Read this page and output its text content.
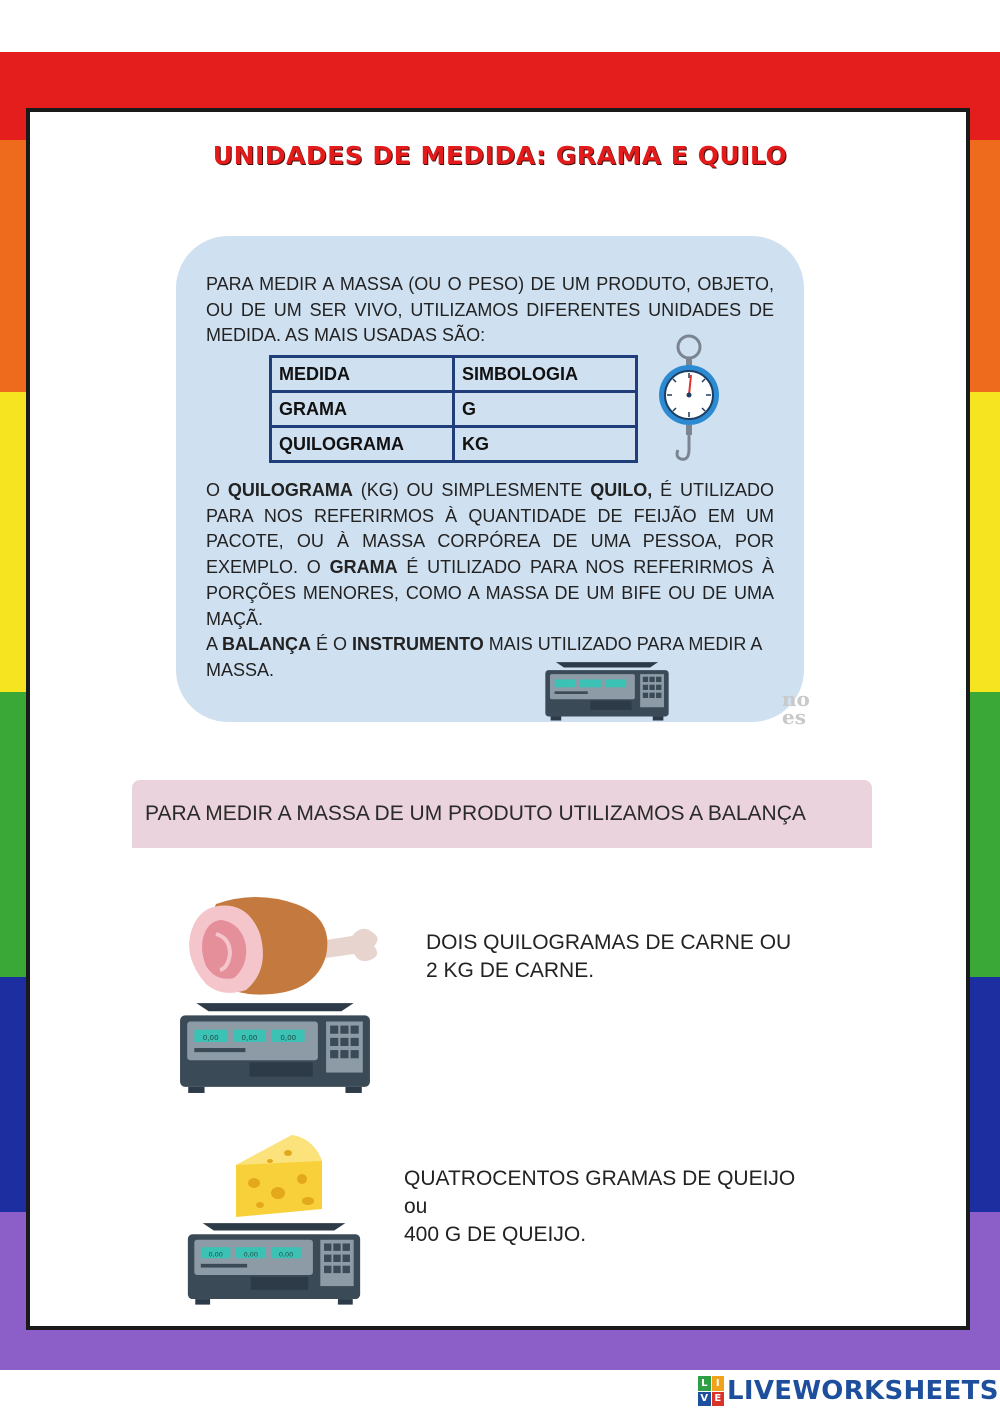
UNIDADES DE MEDIDA: GRAMA E QUILO

PARA MEDIR A MASSA (OU O PESO) DE UM PRODUTO, OBJETO, OU DE UM SER VIVO, UTILIZAMOS DIFERENTES UNIDADES DE MEDIDA. AS MAIS USADAS SÃO:

MEDIDA	SIMBOLOGIA
GRAMA	G
QUILOGRAMA	KG

O QUILOGRAMA (KG) OU SIMPLESMENTE QUILO, É UTILIZADO PARA NOS REFERIRMOS À QUANTIDADE DE FEIJÃO EM UM PACOTE, OU À MASSA CORPÓREA DE UMA PESSOA, POR EXEMPLO. O GRAMA É UTILIZADO PARA NOS REFERIRMOS À PORÇÕES MENORES, COMO A MASSA DE UM BIFE OU DE UMA MAÇÃ.

A BALANÇA É O INSTRUMENTO MAIS UTILIZADO PARA MEDIR A MASSA.

no
es
PARA MEDIR A MASSA DE UM PRODUTO UTILIZAMOS A BALANÇA
0,00	0,00	0,00

DOIS QUILOGRAMAS DE CARNE OU
2 KG DE CARNE.

0,00	0,00	0,00

QUATROCENTOS GRAMAS DE QUEIJO
ou
400 G DE QUEIJO.

L I
V E LIVEWORKSHEETS
